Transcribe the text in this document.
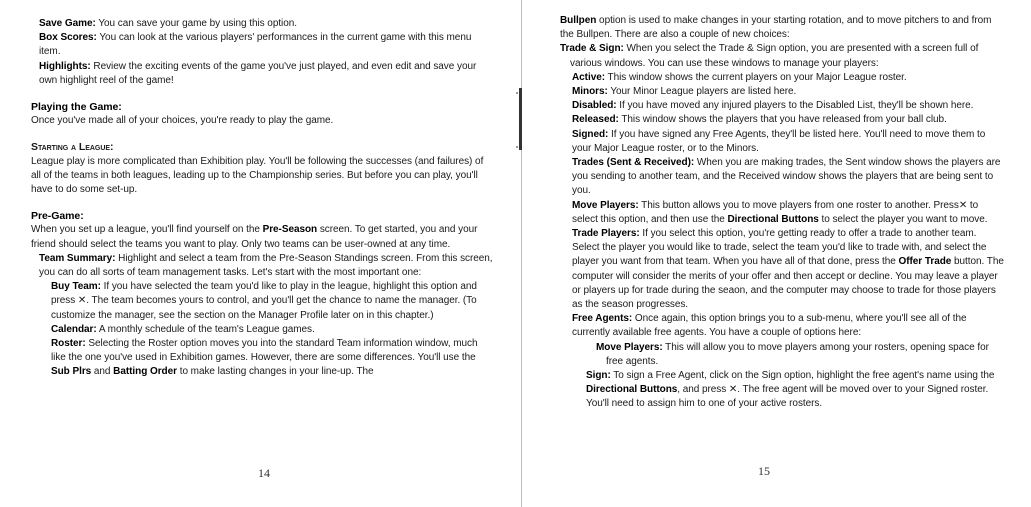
Save Game: You can save your game by using this option.

Box Scores: You can look at the various players' performances in the current game with this menu item.

Highlights: Review the exciting events of the game you've just played, and even edit and save your own highlight reel of the game!

Playing the Game:

Once you've made all of your choices, you're ready to play the game.

Starting a League:

League play is more complicated than Exhibition play. You'll be following the successes (and failures) of all of the teams in both leagues, leading up to the Championship series. But before you can play, you'll have to do some set-up.

Pre-Game:

When you set up a league, you'll find yourself on the Pre-Season screen. To get started, you and your friend should select the teams you want to play. Only two teams can be user-owned at any time.

Team Summary: Highlight and select a team from the Pre-Season Standings screen. From this screen, you can do all sorts of team management tasks. Let's start with the most important one:

Buy Team: If you have selected the team you'd like to play in the league, highlight this option and press ✕. The team becomes yours to control, and you'll get the chance to name the manager. (To customize the manager, see the section on the Manager Profile later on in this chapter.)

Calendar: A monthly schedule of the team's League games.

Roster: Selecting the Roster option moves you into the standard Team information window, much like the one you've used in Exhibition games. However, there are some differences. You'll use the Sub Plrs and Batting Order to make lasting changes in your line-up. The

14

Bullpen option is used to make changes in your starting rotation, and to move pitchers to and from the Bullpen. There are also a couple of new choices:

Trade & Sign: When you select the Trade & Sign option, you are presented with a screen full of various windows. You can use these windows to manage your players:

Active: This window shows the current players on your Major League roster.

Minors: Your Minor League players are listed here.

Disabled: If you have moved any injured players to the Disabled List, they'll be shown here.

Released: This window shows the players that you have released from your ball club.

Signed: If you have signed any Free Agents, they'll be listed here. You'll need to move them to your Major League roster, or to the Minors.

Trades (Sent & Received): When you are making trades, the Sent window shows the players are you sending to another team, and the Received window shows the players that are being sent to you.

Move Players: This button allows you to move players from one roster to another. Press✕ to select this option, and then use the Directional Buttons to select the player you want to move.

Trade Players: If you select this option, you're getting ready to offer a trade to another team. Select the player you would like to trade, select the team you'd like to trade with, and select the player you want from that team. When you have all of that done, press the Offer Trade button. The computer will consider the merits of your offer and then accept or decline. You may leave a player or players up for trade during the seaon, and the computer may choose to trade for those players as the season progresses.

Free Agents: Once again, this option brings you to a sub-menu, where you'll see all of the currently available free agents. You have a couple of options here:

Move Players: This will allow you to move players among your rosters, opening space for free agents.

Sign: To sign a Free Agent, click on the Sign option, highlight the free agent's name using the Directional Buttons, and press ✕. The free agent will be moved over to your Signed roster. You'll need to assign him to one of your active rosters.

15
